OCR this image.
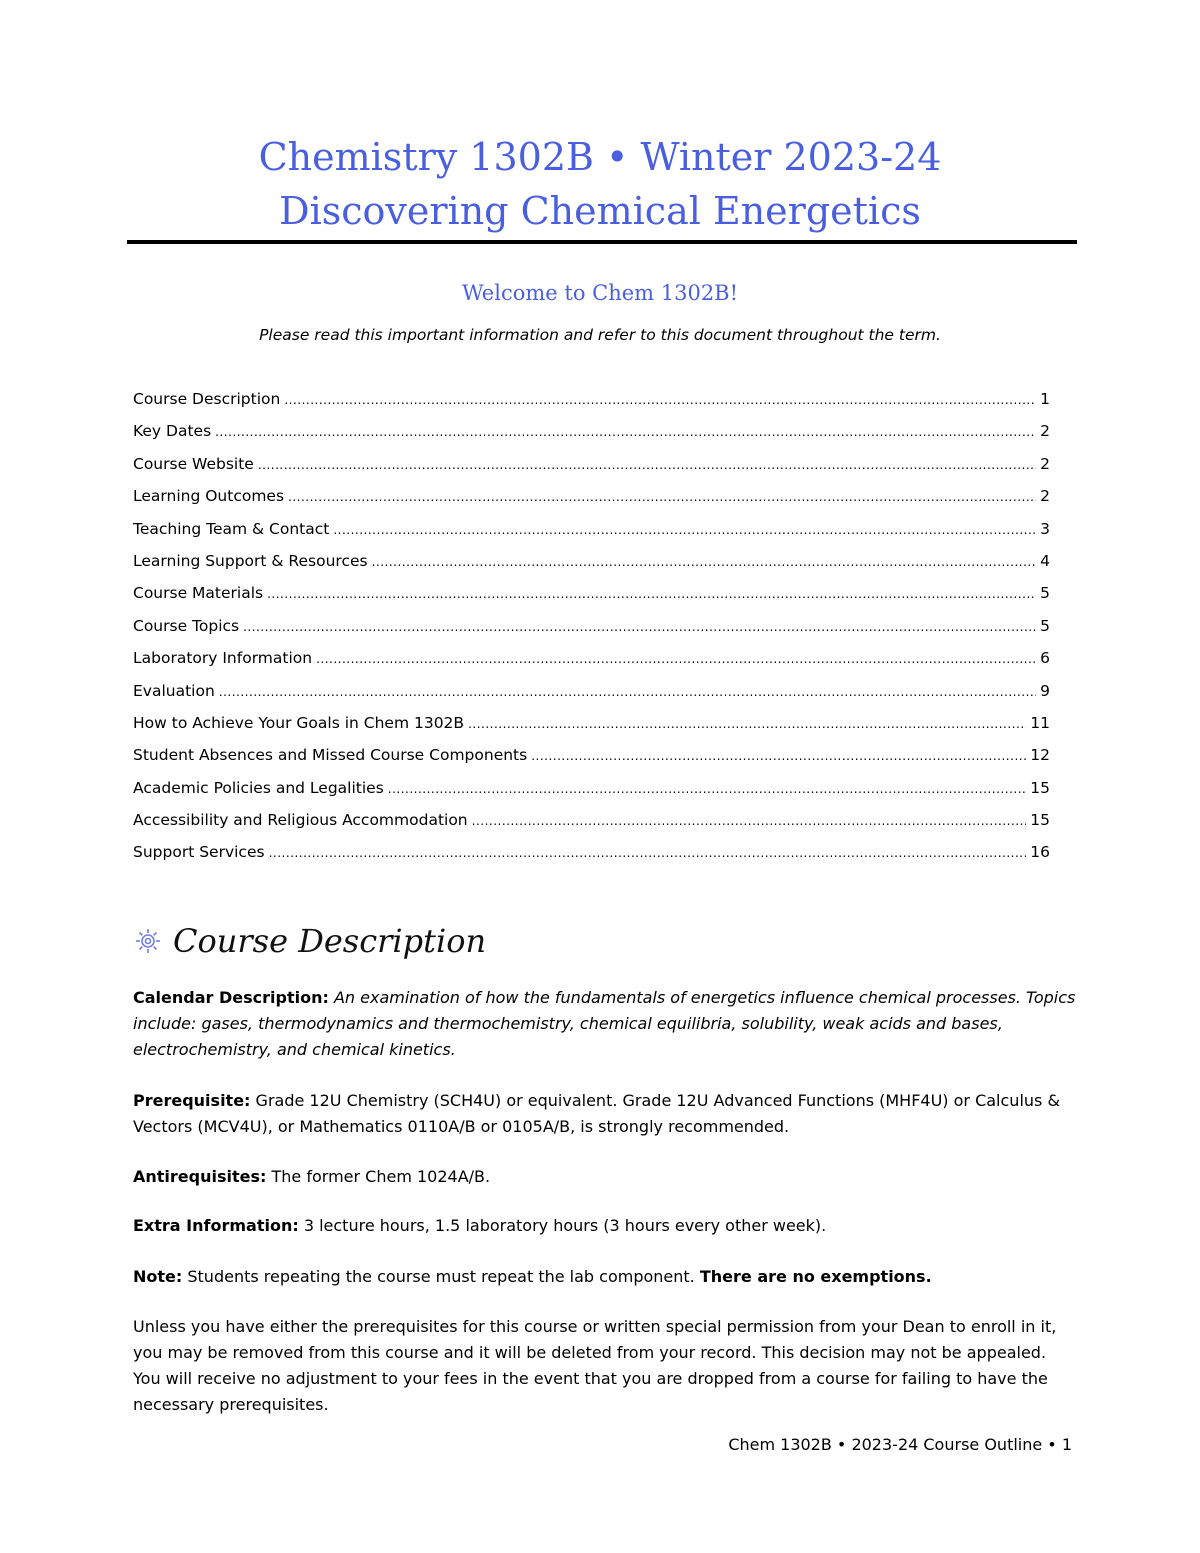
Chemistry 1302B • Winter 2023-24
Discovering Chemical Energetics
Welcome to Chem 1302B!
Please read this important information and refer to this document throughout the term.
Course Description .....	1
Key Dates .....	2
Course Website .....	2
Learning Outcomes .....	2
Teaching Team & Contact .....	3
Learning Support & Resources .....	4
Course Materials .....	5
Course Topics .....	5
Laboratory Information .....	6
Evaluation .....	9
How to Achieve Your Goals in Chem 1302B .....	11
Student Absences and Missed Course Components .....	12
Academic Policies and Legalities .....	15
Accessibility and Religious Accommodation .....	15
Support Services .....	16
Course Description
Calendar Description: An examination of how the fundamentals of energetics influence chemical processes. Topics include: gases, thermodynamics and thermochemistry, chemical equilibria, solubility, weak acids and bases, electrochemistry, and chemical kinetics.
Prerequisite: Grade 12U Chemistry (SCH4U) or equivalent. Grade 12U Advanced Functions (MHF4U) or Calculus & Vectors (MCV4U), or Mathematics 0110A/B or 0105A/B, is strongly recommended.
Antirequisites: The former Chem 1024A/B.
Extra Information: 3 lecture hours, 1.5 laboratory hours (3 hours every other week).
Note: Students repeating the course must repeat the lab component. There are no exemptions.
Unless you have either the prerequisites for this course or written special permission from your Dean to enroll in it, you may be removed from this course and it will be deleted from your record. This decision may not be appealed. You will receive no adjustment to your fees in the event that you are dropped from a course for failing to have the necessary prerequisites.
Chem 1302B • 2023-24 Course Outline • 1
